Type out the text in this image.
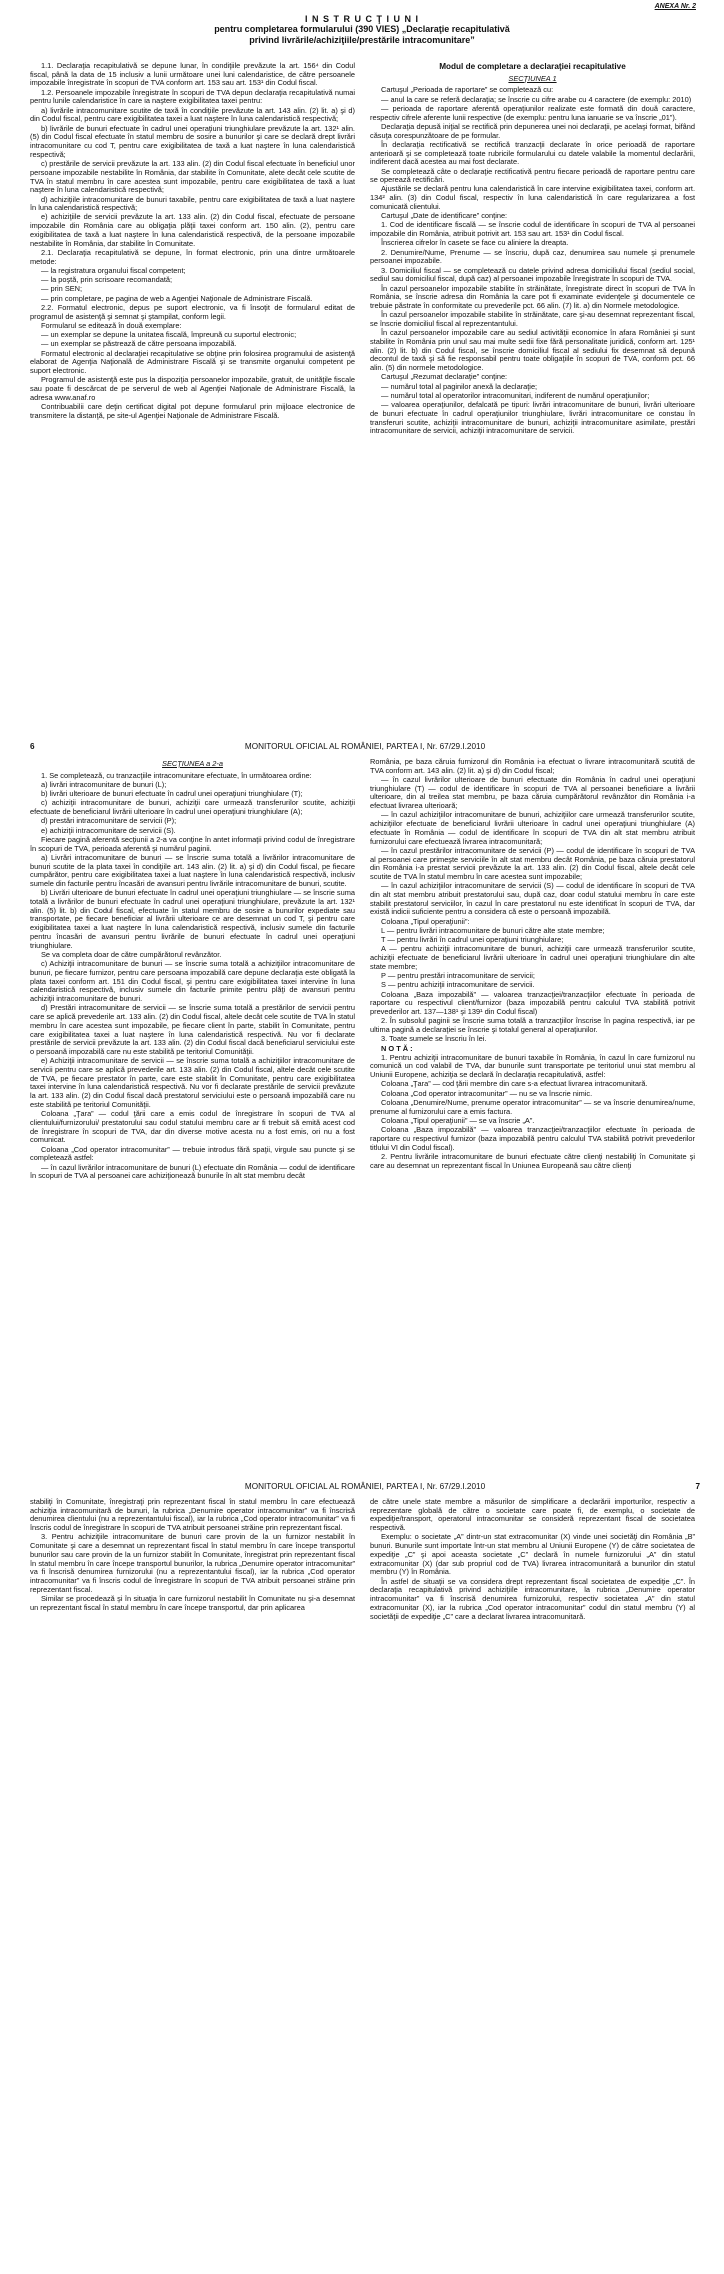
ANEXA Nr. 2
I N S T R U C Ţ I U N I
pentru completarea formularului (390 VIES) „Declaraţie recapitulativă
privind livrările/achiziţiile/prestările intracomunitare”

1.1. Declaraţia recapitulativă se depune lunar, în condiţiile prevăzute la art. 156⁴ din Codul fiscal, până la data de 15 inclusiv a lunii următoare unei luni calendaristice, de către persoanele impozabile înregistrate în scopuri de TVA conform art. 153 sau art. 153¹ din Codul fiscal.

1.2. Persoanele impozabile înregistrate în scopuri de TVA depun declaraţia recapitulativă numai pentru lunile calendaristice în care ia naştere exigibilitatea taxei pentru:

a) livrările intracomunitare scutite de taxă în condiţiile prevăzute la art. 143 alin. (2) lit. a) şi d) din Codul fiscal, pentru care exigibilitatea taxei a luat naştere în luna calendaristică respectivă;

b) livrările de bunuri efectuate în cadrul unei operaţiuni triunghiulare prevăzute la art. 132¹ alin. (5) din Codul fiscal efectuate în statul membru de sosire a bunurilor şi care se declară drept livrări intracomunitare cu cod T, pentru care exigibilitatea de taxă a luat naştere în luna calendaristică respectivă;

c) prestările de servicii prevăzute la art. 133 alin. (2) din Codul fiscal efectuate în beneficiul unor persoane impozabile nestabilite în România, dar stabilite în Comunitate, alete decât cele scutite de TVA în statul membru în care acestea sunt impozabile, pentru care exigibilitatea de taxă a luat naştere în luna calendaristică respectivă;

d) achiziţiile intracomunitare de bunuri taxabile, pentru care exigibilitatea de taxă a luat naştere în luna calendaristică respectivă;

e) achiziţiile de servicii prevăzute la art. 133 alin. (2) din Codul fiscal, efectuate de persoane impozabile din România care au obligaţia plăţii taxei conform art. 150 alin. (2), pentru care exigibilitatea de taxă a luat naştere în luna calendaristică respectivă, de la persoane impozabile nestabilite în România, dar stabilite în Comunitate.

2.1. Declaraţia recapitulativă se depune, în format electronic, prin una dintre următoarele metode:

— la registratura organului fiscal competent;

— la poştă, prin scrisoare recomandată;

— prin SEN;

— prin completare, pe pagina de web a Agenţiei Naţionale de Administrare Fiscală.

2.2. Formatul electronic, depus pe suport electronic, va fi însoţit de formularul editat de programul de asistenţă şi semnat şi ştampilat, conform legii.

Formularul se editează în două exemplare:

— un exemplar se depune la unitatea fiscală, împreună cu suportul electronic;

— un exemplar se păstrează de către persoana impozabilă.

Formatul electronic al declaraţiei recapitulative se obţine prin folosirea programului de asistenţă elaborat de Agenţia Naţională de Administrare Fiscală şi se transmite organului competent pe suport electronic.

Programul de asistenţă este pus la dispoziţia persoanelor impozabile, gratuit, de unităţile fiscale sau poate fi descărcat de pe serverul de web al Agenţiei Naţionale de Administrare Fiscală, la adresa www.anaf.ro

Contribuabilii care deţin certificat digital pot depune formularul prin mijloace electronice de transmitere la distanţă, pe site-ul Agenţiei Naţionale de Administrare Fiscală.

Modul de completare a declaraţiei recapitulative

SECŢIUNEA 1

Cartuşul „Perioada de raportare” se completează cu:

— anul la care se referă declaraţia; se înscrie cu cifre arabe cu 4 caractere (de exemplu: 2010)

— perioada de raportare aferentă operaţiunilor realizate este formată din două caractere, respectiv cifrele aferente lunii respective (de exemplu: pentru luna ianuarie se va înscrie „01”).

Declaraţia depusă iniţial se rectifică prin depunerea unei noi declaraţii, pe acelaşi format, bifând căsuţa corespunzătoare de pe formular.

În declaraţia rectificativă se rectifică tranzacţii declarate în orice perioadă de raportare anterioară şi se completează toate rubricile formularului cu datele valabile la momentul declarării, indiferent dacă acestea au mai fost declarate.

Se completează câte o declaraţie rectificativă pentru fiecare perioadă de raportare pentru care se operează rectificări.

Ajustările se declară pentru luna calendaristică în care intervine exigibilitatea taxei, conform art. 134² alin. (3) din Codul fiscal, respectiv în luna calendaristică în care regularizarea a fost comunicată clientului.

Cartuşul „Date de identificare” conţine:

1. Cod de identificare fiscală — se înscrie codul de identificare în scopuri de TVA al persoanei impozabile din România, atribuit potrivit art. 153 sau art. 153¹ din Codul fiscal.

Înscrierea cifrelor în casete se face cu aliniere la dreapta.

2. Denumire/Nume, Prenume — se înscriu, după caz, denumirea sau numele şi prenumele persoanei impozabile.

3. Domiciliul fiscal — se completează cu datele privind adresa domiciliului fiscal (sediul social, sediul sau domiciliul fiscal, după caz) al persoanei impozabile înregistrate în scopuri de TVA.

În cazul persoanelor impozabile stabilite în străinătate, înregistrate direct în scopuri de TVA în România, se înscrie adresa din România la care pot fi examinate evidenţele şi documentele ce trebuie păstrate în conformitate cu prevederile pct. 66 alin. (7) lit. a) din Normele metodologice.

În cazul persoanelor impozabile stabilite în străinătate, care şi-au desemnat reprezentant fiscal, se înscrie domiciliul fiscal al reprezentantului.

În cazul persoanelor impozabile care au sediul activităţii economice în afara României şi sunt stabilite în România prin unul sau mai multe sedii fixe fără personalitate juridică, conform art. 125¹ alin. (2) lit. b) din Codul fiscal, se înscrie domiciliul fiscal al sediului fix desemnat să depună decontul de taxă şi să fie responsabil pentru toate obligaţiile în scopuri de TVA, conform pct. 66 alin. (5) din normele metodologice.

Cartuşul „Rezumat declaraţie” conţine:

— numărul total al paginilor anexă la declaraţie;

— numărul total al operatorilor intracomunitari, indiferent de numărul operaţiunilor;

— valoarea operaţiunilor, defalcată pe tipuri: livrări intracomunitare de bunuri, livrări ulterioare de bunuri efectuate în cadrul operaţiunilor triunghiulare, livrări intracomunitare ce constau în transferuri scutite, achiziţii intracomunitare de bunuri, achiziţii intracomunitare asimilate, prestări intracomunitare de servicii, achiziţii intracomunitare de servicii.

6	MONITORUL OFICIAL AL ROMÂNIEI, PARTEA I, Nr. 67/29.I.2010

SECŢIUNEA a 2-a

1. Se completează, cu tranzacţiile intracomunitare efectuate, în următoarea ordine:

a) livrări intracomunitare de bunuri (L);

b) livrări ulterioare de bunuri efectuate în cadrul unei operaţiuni triunghiulare (T);

c) achiziţii intracomunitare de bunuri, achiziţii care urmează transferurilor scutite, achiziţii efectuate de beneficiarul livrării ulterioare în cadrul unei operaţiuni triunghiulare (A);

d) prestări intracomunitare de servicii (P);

e) achiziţii intracomunitare de servicii (S).

Fiecare pagină aferentă secţiunii a 2-a va conţine în antet informaţii privind codul de înregistrare în scopuri de TVA, perioada aferentă şi numărul paginii.

a) Livrări intracomunitare de bunuri — se înscrie suma totală a livrărilor intracomunitare de bunuri scutite de la plata taxei în condiţiile art. 143 alin. (2) lit. a) şi d) din Codul fiscal, pe fiecare cumpărător, pentru care exigibilitatea taxei a luat naştere în luna calendaristică respectivă, inclusiv sumele din facturile pentru încasări de avansuri pentru livrările intracomunitare de bunuri, scutite.

b) Livrări ulterioare de bunuri efectuate în cadrul unei operaţiuni triunghiulare — se înscrie suma totală a livrărilor de bunuri efectuate în cadrul unei operaţiuni triunghiulare, prevăzute la art. 132¹ alin. (5) lit. b) din Codul fiscal, efectuate în statul membru de sosire a bunurilor expediate sau transportate, pe fiecare beneficiar al livrării ulterioare ce are desemnat un cod T, şi pentru care exigibilitatea taxei a luat naştere în luna calendaristică respectivă, inclusiv sumele din facturile pentru încasări de avansuri pentru livrările de bunuri efectuate în cadrul unei operaţiuni triunghiulare.

Se va completa doar de către cumpărătorul revânzător.

c) Achiziţii intracomunitare de bunuri — se înscrie suma totală a achiziţiilor intracomunitare de bunuri, pe fiecare furnizor, pentru care persoana impozabilă care depune declaraţia este obligată la plata taxei conform art. 151 din Codul fiscal, şi pentru care exigibilitatea taxei intervine în luna calendaristică respectivă, inclusiv sumele din facturile primite pentru plăţi de avansuri pentru achiziţii intracomunitare de bunuri.

d) Prestări intracomunitare de servicii — se înscrie suma totală a prestărilor de servicii pentru care se aplică prevederile art. 133 alin. (2) din Codul fiscal, altele decât cele scutite de TVA în statul membru în care acestea sunt impozabile, pe fiecare client în parte, stabilit în Comunitate, pentru care exigibilitatea taxei a luat naştere în luna calendaristică respectivă. Nu vor fi declarate prestările de servicii prevăzute la art. 133 alin. (2) din Codul fiscal dacă beneficiarul serviciului este o persoană impozabilă care nu este stabilită pe teritoriul Comunităţii.

e) Achiziţii intracomunitare de servicii — se înscrie suma totală a achiziţiilor intracomunitare de servicii pentru care se aplică prevederile art. 133 alin. (2) din Codul fiscal, altele decât cele scutite de TVA, pe fiecare prestator în parte, care este stabilit în Comunitate, pentru care exigibilitatea taxei intervine în luna calendaristică respectivă. Nu vor fi declarate prestările de servicii prevăzute la art. 133 alin. (2) din Codul fiscal dacă prestatorul serviciului este o persoană impozabilă care nu este stabilită pe teritoriul Comunităţii.

Coloana „Ţara” — codul ţării care a emis codul de înregistrare în scopuri de TVA al clientului/furnizorului/ prestatorului sau codul statului membru care ar fi trebuit să emită acest cod de înregistrare în scopuri de TVA, dar din diverse motive acesta nu a fost emis, ori nu a fost comunicat.

Coloana „Cod operator intracomunitar” — trebuie introdus fără spaţii, virgule sau puncte şi se completează astfel:

— în cazul livrărilor intracomunitare de bunuri (L) efectuate din România — codul de identificare în scopuri de TVA al persoanei care achiziţionează bunurile în alt stat membru decât

România, pe baza căruia furnizorul din România i-a efectuat o livrare intracomunitară scutită de TVA conform art. 143 alin. (2) lit. a) şi d) din Codul fiscal;

— în cazul livrărilor ulterioare de bunuri efectuate din România în cadrul unei operaţiuni triunghiulare (T) — codul de identificare în scopuri de TVA al persoanei beneficiare a livrării ulterioare, din al treilea stat membru, pe baza căruia cumpărătorul revânzător din România i-a efectuat livrarea ulterioară;

— în cazul achiziţiilor intracomunitare de bunuri, achiziţiilor care urmează transferurilor scutite, achiziţiilor efectuate de beneficiarul livrării ulterioare în cadrul unei operaţiuni triunghiulare (A) efectuate în România — codul de identificare în scopuri de TVA din alt stat membru atribuit furnizorului care efectuează livrarea intracomunitară;

— în cazul prestărilor intracomunitare de servicii (P) — codul de identificare în scopuri de TVA al persoanei care primeşte serviciile în alt stat membru decât România, pe baza căruia prestatorul din România i-a prestat servicii prevăzute la art. 133 alin. (2) din Codul fiscal, altele decât cele scutite de TVA în statul membru în care acestea sunt impozabile;

— în cazul achiziţiilor intracomunitare de servicii (S) — codul de identificare în scopuri de TVA din alt stat membru atribuit prestatorului sau, după caz, doar codul statului membru în care este stabilit prestatorul serviciilor, în cazul în care prestatorul nu este identificat în scopuri de TVA, dar există indicii suficiente pentru a considera că este o persoană impozabilă.

Coloana „Tipul operaţiunii”:

L — pentru livrări intracomunitare de bunuri către alte state membre;

T — pentru livrări în cadrul unei operaţiuni triunghiulare;

A — pentru achiziţii intracomunitare de bunuri, achiziţii care urmează transferurilor scutite, achiziţii efectuate de beneficiarul livrării ulterioare în cadrul unei operaţiuni triunghiulare din alte state membre;

P — pentru prestări intracomunitare de servicii;

S — pentru achiziţii intracomunitare de servicii.

Coloana „Baza impozabilă” — valoarea tranzacţiei/tranzacţiilor efectuate în perioada de raportare cu respectivul client/furnizor (baza impozabilă pentru calculul TVA stabilită potrivit prevederilor art. 137—138¹ şi 139¹ din Codul fiscal)

2. În subsolul paginii se înscrie suma totală a tranzacţiilor înscrise în pagina respectivă, iar pe ultima pagină a declaraţiei se înscrie şi totalul general al operaţiunilor.

3. Toate sumele se înscriu în lei.

N O T Ă :

1. Pentru achiziţii intracomunitare de bunuri taxabile în România, în cazul în care furnizorul nu comunică un cod valabil de TVA, dar bunurile sunt transportate pe teritoriul unui stat membru al Uniunii Europene, achiziţia se declară în declaraţia recapitulativă, astfel:

Coloana „Ţara” — cod ţării membre din care s-a efectuat livrarea intracomunitară.

Coloana „Cod operator intracomunitar” — nu se va înscrie nimic.

Coloana „Denumire/Nume, prenume operator intracomunitar” — se va înscrie denumirea/nume, prenume al furnizorului care a emis factura.

Coloana „Tipul operaţiunii” — se va înscrie „A”.

Coloana „Baza impozabilă” — valoarea tranzacţiei/tranzacţiilor efectuate în perioada de raportare cu respectivul furnizor (baza impozabilă pentru calculul TVA stabilită potrivit prevederilor titlului VI din Codul fiscal).

2. Pentru livrările intracomunitare de bunuri efectuate către clienţi nestabiliţi în Comunitate şi care au desemnat un reprezentant fiscal în Uniunea Europeană sau către clienţi

MONITORUL OFICIAL AL ROMÂNIEI, PARTEA I, Nr. 67/29.I.2010	7

stabiliţi în Comunitate, înregistraţi prin reprezentant fiscal în statul membru în care efectuează achiziţia intracomunitară de bunuri, la rubrica „Denumire operator intracomunitar” va fi înscrisă denumirea clientului (nu a reprezentantului fiscal), iar la rubrica „Cod operator intracomunitar” va fi înscris codul de înregistrare în scopuri de TVA atribuit persoanei străine prin reprezentant fiscal.

3. Pentru achiziţiile intracomunitare de bunuri care provin de la un furnizor nestabilit în Comunitate şi care a desemnat un reprezentant fiscal în statul membru în care începe transportul bunurilor sau care provin de la un furnizor stabilit în Comunitate, înregistrat prin reprezentant fiscal în statul membru în care începe transportul bunurilor, la rubrica „Denumire operator intracomunitar” va fi înscrisă denumirea furnizorului (nu a reprezentantului fiscal), iar la rubrica „Cod operator intracomunitar” va fi înscris codul de înregistrare în scopuri de TVA atribuit persoanei străine prin reprezentant fiscal.

Similar se procedează şi în situaţia în care furnizorul nestabilit în Comunitate nu şi-a desemnat un reprezentant fiscal în statul membru în care începe transportul, dar prin aplicarea

de către unele state membre a măsurilor de simplificare a declarării importurilor, respectiv a reprezentare globală de către o societate care poate fi, de exemplu, o societate de expediţie/transport, operatorul intracomunitar se consideră reprezentant fiscal de societatea respectivă.

Exemplu: o societate „A” dintr-un stat extracomunitar (X) vinde unei societăţi din România „B” bunuri. Bunurile sunt importate într-un stat membru al Uniunii Europene (Y) de către societatea de expediţie „C” şi apoi aceasta societate „C” declară în numele furnizorului „A” din statul extracomunitar (X) (dar sub propriul cod de TVA) livrarea intracomunitară a bunurilor din statul membru (Y) în România.

În astfel de situaţii se va considera drept reprezentant fiscal societatea de expediţie „C”. În declaraţia recapitulativă privind achiziţiile intracomunitare, la rubrica „Denumire operator intracomunitar” va fi înscrisă denumirea furnizorului, respectiv societatea „A” din statul extracomunitar (X), iar la rubrica „Cod operator intracomunitar” codul din statul membru (Y) al societăţii de expediţie „C” care a declarat livrarea intracomunitară.
